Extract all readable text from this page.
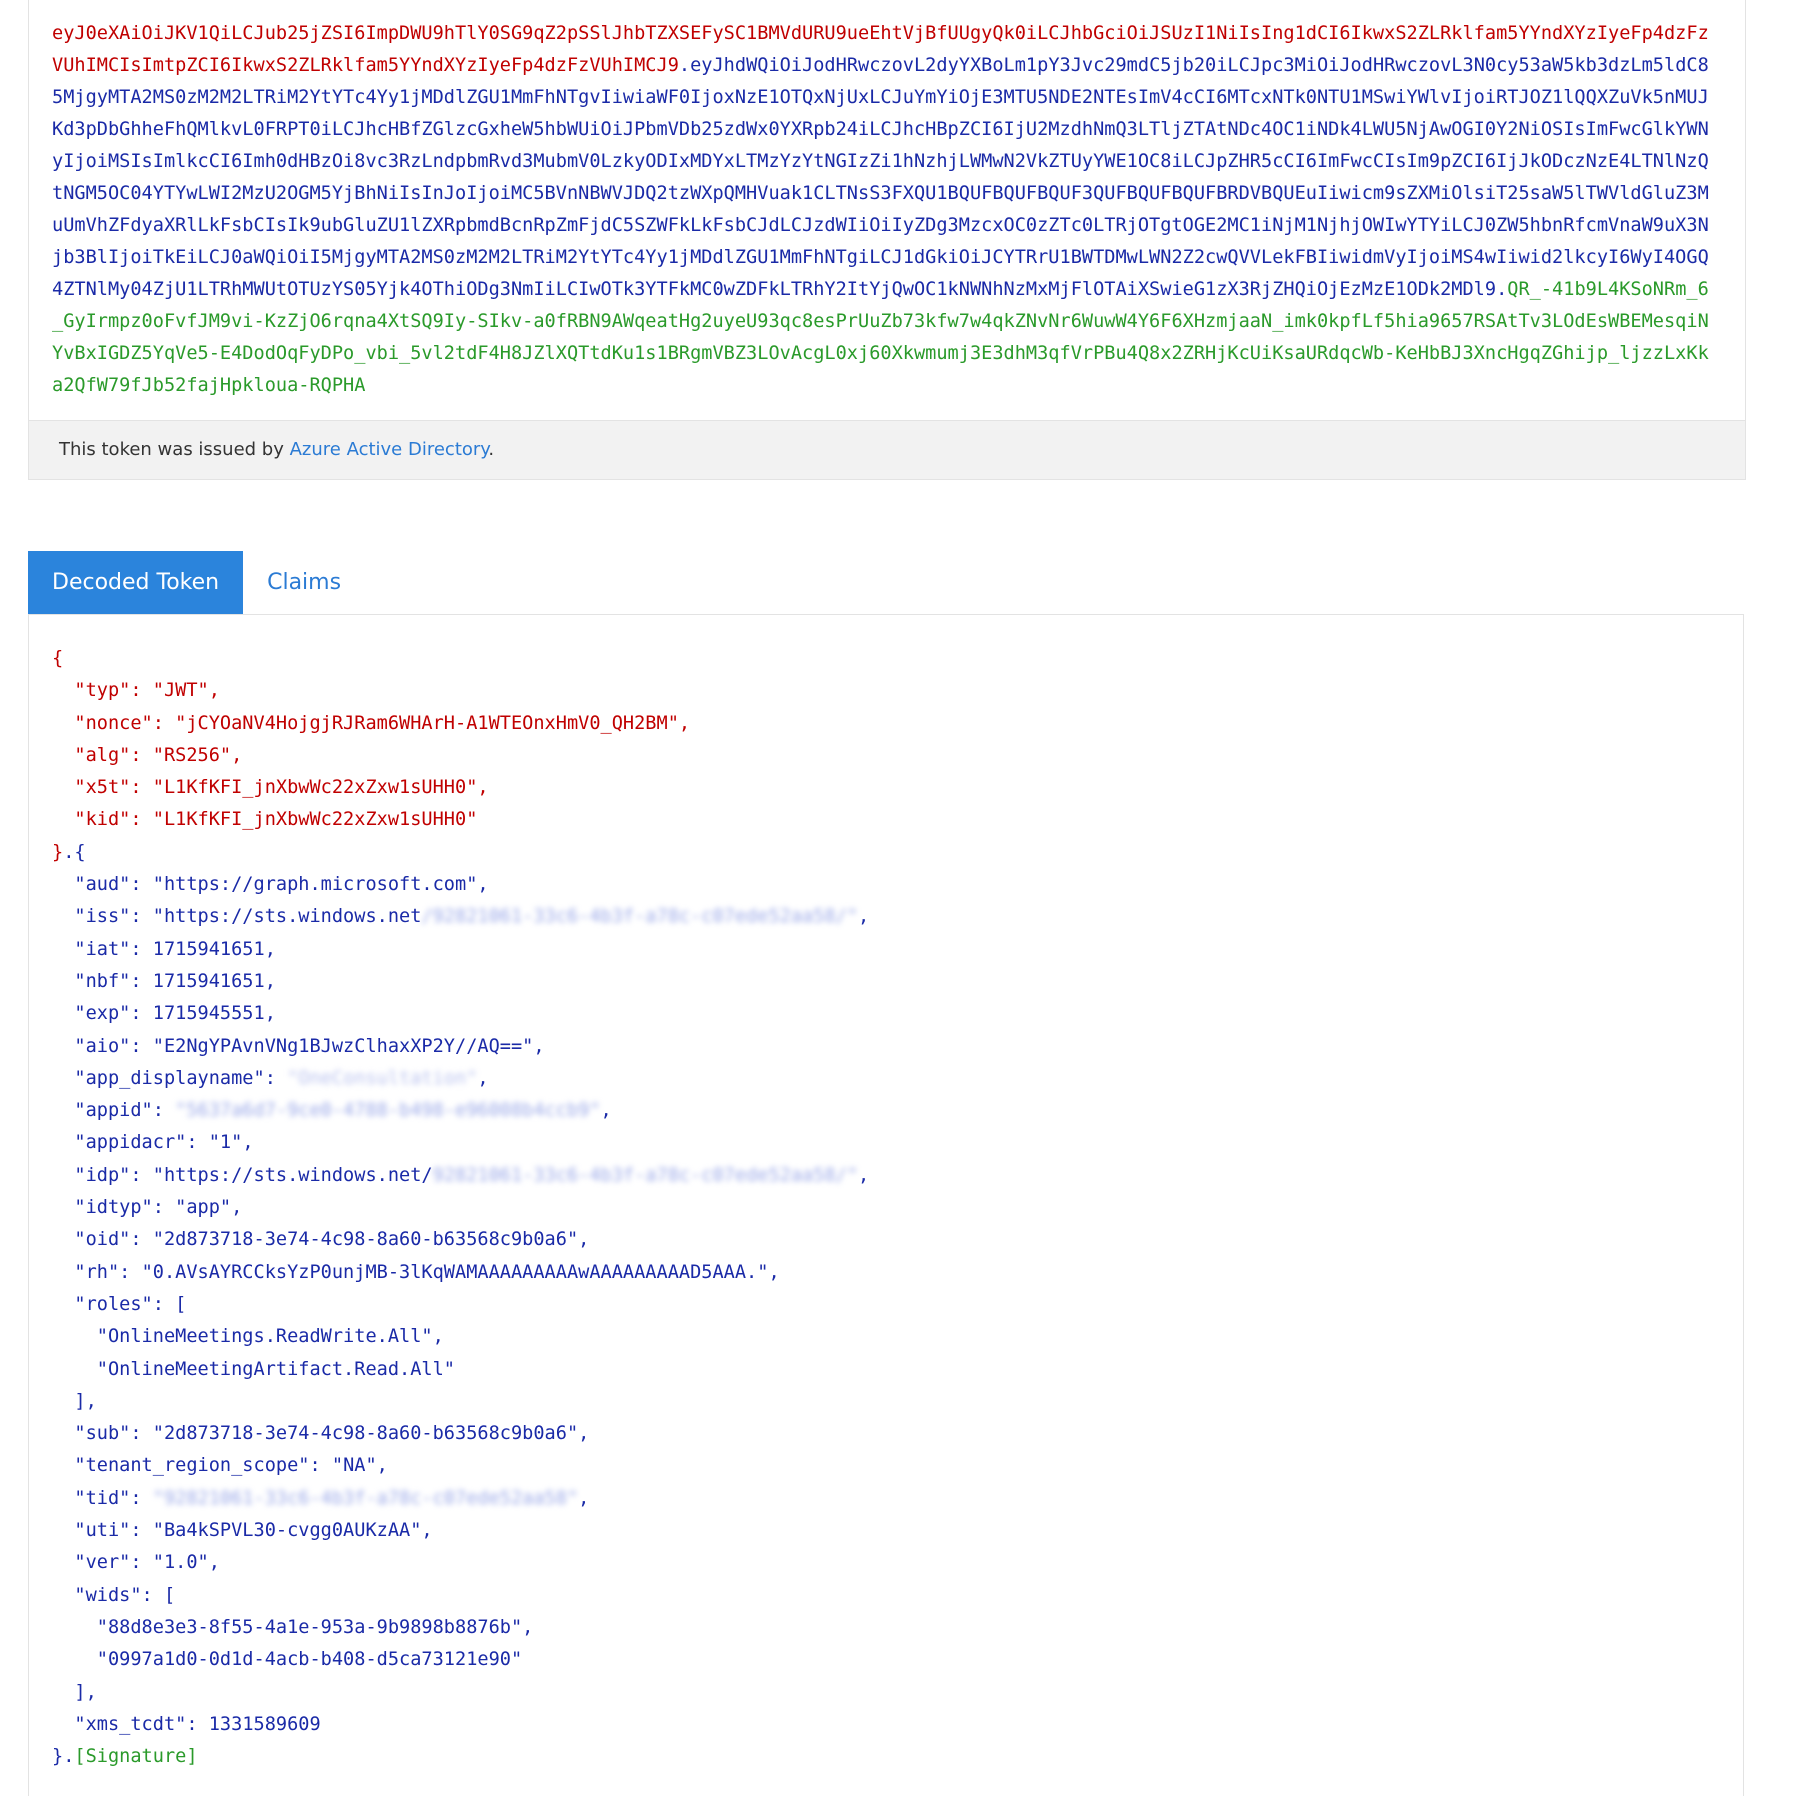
eyJ0eXAiOiJKV1QiLCJub25jZSI6ImpDWU9hTlY0SG9qZ2pSSlJhbTZXSEFySC1BMVdURU9ueEhtVjBfUUgyQk0iLCJhbGciOiJSUzI1NiIsIng1dCI6IkwxS2ZLRklfam5YYndXYzIyeFp4dzFzVUhIMCIsImtpZCI6IkwxS2ZLRklfam5YYndXYzIyeFp4dzFzVUhIMCJ9.eyJhdWQiOiJodHRwczovL2dyYXBoLm1pY3Jvc29mdC5jb20iLCJpc3MiOiJodHRwczovL3N0cy53aW5kb3dzLm5ldC85MjgyMTA2MS0zM2M2LTRiM2YtYTc4Yy1jMDdlZGU1MmFhNTgvIiwiaWF0IjoxNzE1OTQxNjUxLCJuYmYiOjE3MTU5NDE2NTEsImV4cCI6MTcxNTk0NTU1MSwiYWlvIjoiRTJOZ1lQQXZuVk5nMUJKd3pDbGhheFhQMlkvL0FRPT0iLCJhcHBfZGlzcGxheW5hbWUiOiJPbmVDb25zdWx0YXRpb24iLCJhcHBpZCI6IjU2MzdhNmQ3LTljZTAtNDc4OC1iNDk4LWU5NjAwOGI0Y2NiOSIsImFwcGlkYWNyIjoiMSIsImlkcCI6Imh0dHBzOi8vc3RzLndpbmRvd3MubmV0LzkyODIxMDYxLTMzYzYtNGIzZi1hNzhjLWMwN2VkZTUyYWE1OC8iLCJpZHR5cCI6ImFwcCIsIm9pZCI6IjJkODczNzE4LTNlNzQtNGM5OC04YTYwLWI2MzU2OGM5YjBhNiIsInJoIjoiMC5BVnNBWVJDQ2tzWXpQMHVuak1CLTNsS3FXQU1BQUFBQUFBQUF3QUFBQUFBQUFBRDVBQUEuIiwicm9sZXMiOlsiT25saW5lTWVldGluZ3MuUmVhZFdyaXRlLkFsbCIsIk9ubGluZU1lZXRpbmdBcnRpZmFjdC5SZWFkLkFsbCJdLCJzdWIiOiIyZDg3MzcxOC0zZTc0LTRjOTgtOGE2MC1iNjM1NjhjOWIwYTYiLCJ0ZW5hbnRfcmVnaW9uX3Njb3BlIjoiTkEiLCJ0aWQiOiI5MjgyMTA2MS0zM2M2LTRiM2YtYTc4Yy1jMDdlZGU1MmFhNTgiLCJ1dGkiOiJCYTRrU1BWTDMwLWN2Z2cwQVVLekFBIiwidmVyIjoiMS4wIiwid2lkcyI6WyI4OGQ4ZTNlMy04ZjU1LTRhMWUtOTUzYS05Yjk4OThiODg3NmIiLCIwOTk3YTFkMC0wZDFkLTRhY2ItYjQwOC1kNWNhNzMxMjFlOTAiXSwieG1zX3RjZHQiOjEzMzE1ODk2MDl9.QR_-41b9L4KSoNRm_6_GyIrmpz0oFvfJM9vi-KzZjO6rqna4XtSQ9Iy-SIkv-a0fRBN9AWqeatHg2uyeU93qc8esPrUuZb73kfw7w4qkZNvNr6WuwW4Y6F6XHzmjaaN_imk0kpfLf5hia9657RSAtTv3LOdEsWBEMesqiNYvBxIGDZ5YqVe5-E4DodOqFyDPo_vbi_5vl2tdF4H8JZlXQTtdKu1s1BRgmVBZ3LOvAcgL0xj60Xkwmumj3E3dhM3qfVrPBu4Q8x2ZRHjKcUiKsaURdqcWb-KeHbBJ3XncHgqZGhijp_ljzzLxKka2QfW79fJb52fajHpkloua-RQPHA
This token was issued by Azure Active Directory.
Decoded Token	Claims
{
"typ": "JWT",
"nonce": "jCYOaNV4HojgjRJRam6WHArH-A1WTEOnxHmV0_QH2BM",
"alg": "RS256",
"x5t": "L1KfKFI_jnXbwWc22xZxw1sUHH0",
"kid": "L1KfKFI_jnXbwWc22xZxw1sUHH0"
}.{
"aud": "https://graph.microsoft.com",
"iss": "https://sts.windows.net/92821061-33c6-4b3f-a78c-c07ede52aa58/",
"iat": 1715941651,
"nbf": 1715941651,
"exp": 1715945551,
"aio": "E2NgYPAvnVNg1BJwzClhaxXP2Y//AQ==",
"app_displayname": "OneConsultation",
"appid": "5637a6d7-9ce0-4788-b498-e96008b4ccb9",
"appidacr": "1",
"idp": "https://sts.windows.net/92821061-33c6-4b3f-a78c-c07ede52aa58/",
"idtyp": "app",
"oid": "2d873718-3e74-4c98-8a60-b63568c9b0a6",
"rh": "0.AVsAYRCCksYzP0unjMB-3lKqWAMAAAAAAAAAwAAAAAAAAAD5AAA.",
"roles": [
"OnlineMeetings.ReadWrite.All",
"OnlineMeetingArtifact.Read.All"
],
"sub": "2d873718-3e74-4c98-8a60-b63568c9b0a6",
"tenant_region_scope": "NA",
"tid": "92821061-33c6-4b3f-a78c-c07ede52aa58",
"uti": "Ba4kSPVL30-cvgg0AUKzAA",
"ver": "1.0",
"wids": [
"88d8e3e3-8f55-4a1e-953a-9b9898b8876b",
"0997a1d0-0d1d-4acb-b408-d5ca73121e90"
],
"xms_tcdt": 1331589609
}.[Signature]
